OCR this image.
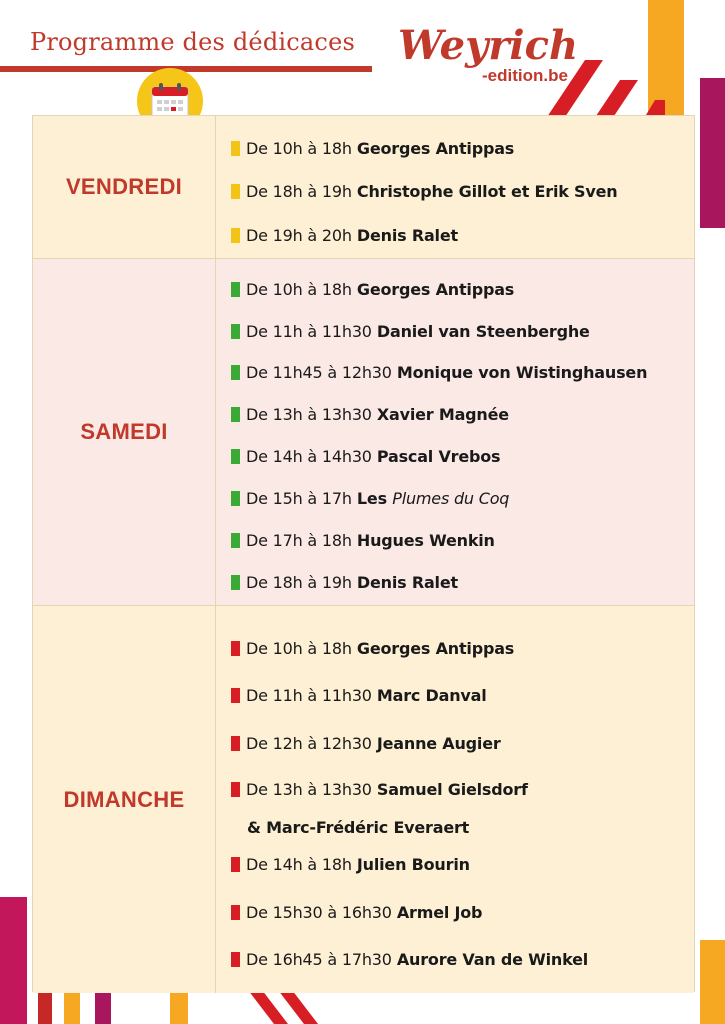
Programme des dédicaces Weyrich
-edition.be
VENDREDI
De 10h à 18h
Georges Antippas
De 18h à 19h
Christophe Gillot et Erik Sven
De 19h à 20h
Denis Ralet
SAMEDI
De 10h à 18h
Georges Antippas
De 11h à 11h30
Daniel van Steenberghe
De 11h45 à 12h30
Monique von Wistinghausen
De 13h à 13h30
Xavier Magnée
De 14h à 14h30
Pascal Vrebos
De 15h à 17h
Les Plumes du Coq
De 17h à 18h
Hugues Wenkin
De 18h à 19h
Denis Ralet
DIMANCHE
De 10h à 18h
Georges Antippas
De 11h à 11h30
Marc Danval
De 12h à 12h30
Jeanne Augier
De 13h à 13h30
Samuel Gielsdorf
& Marc-Frédéric Everaert
De 14h à 18h
Julien Bourin
De 15h30 à 16h30
Armel Job
De 16h45 à 17h30
Aurore Van de Winkel
